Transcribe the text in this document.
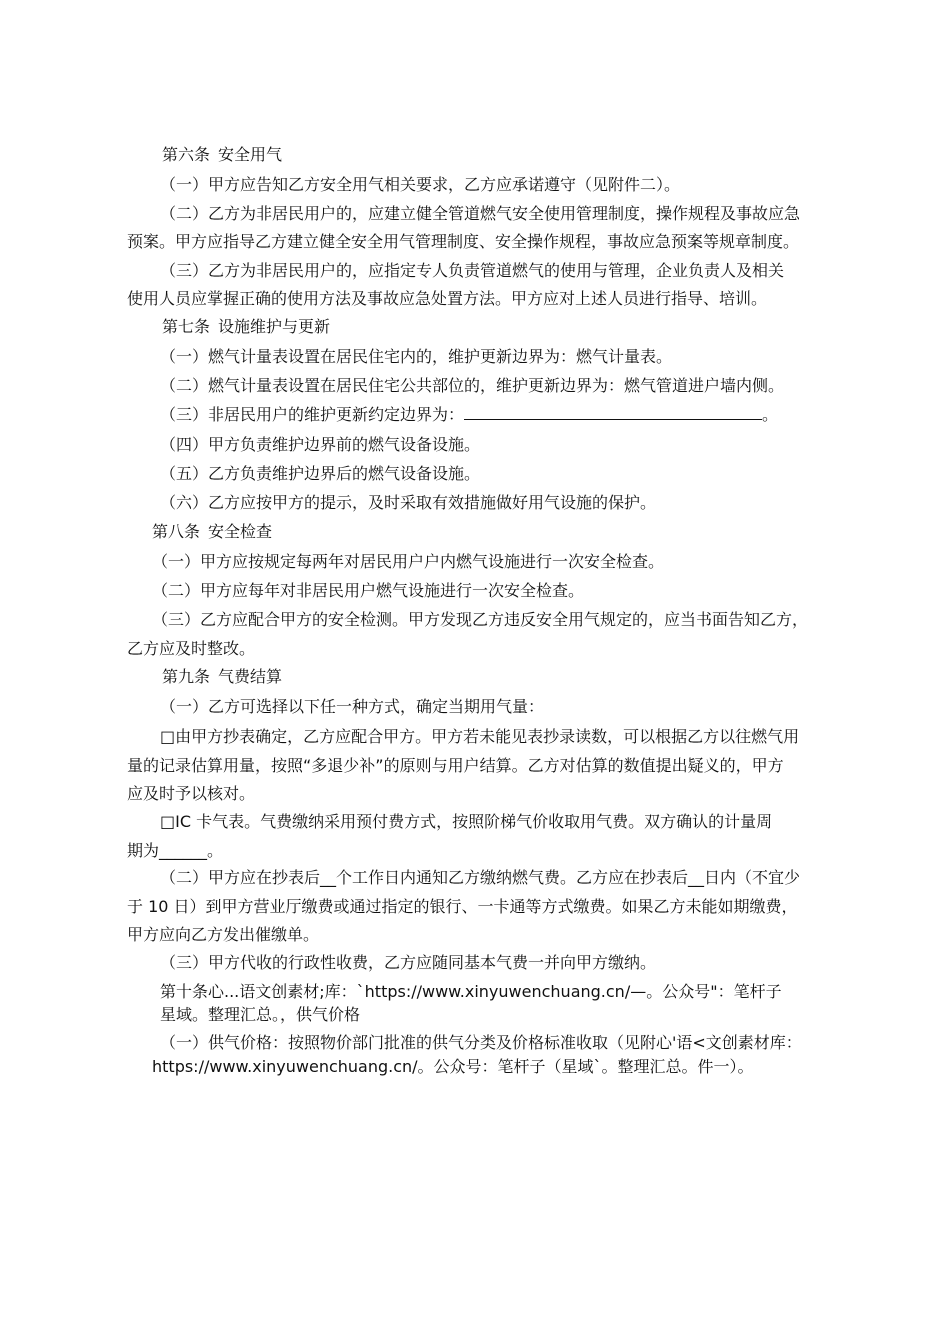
第六条 安全用气
（一）甲方应告知乙方安全用气相关要求，乙方应承诺遵守（见附件二）。
（二）乙方为非居民用户的，应建立健全管道燃气安全使用管理制度，操作规程及事故应急
预案。甲方应指导乙方建立健全安全用气管理制度、安全操作规程，事故应急预案等规章制度。
（三）乙方为非居民用户的，应指定专人负责管道燃气的使用与管理，企业负责人及相关
使用人员应掌握正确的使用方法及事故应急处置方法。甲方应对上述人员进行指导、培训。
第七条 设施维护与更新
（一）燃气计量表设置在居民住宅内的，维护更新边界为：燃气计量表。
（二）燃气计量表设置在居民住宅公共部位的，维护更新边界为：燃气管道进户墙内侧。
（三）非居民用户的维护更新约定边界为：	。
（四）甲方负责维护边界前的燃气设备设施。
（五）乙方负责维护边界后的燃气设备设施。
（六）乙方应按甲方的提示，及时采取有效措施做好用气设施的保护。
第八条 安全检查
（一）甲方应按规定每两年对居民用户户内燃气设施进行一次安全检查。
（二）甲方应每年对非居民用户燃气设施进行一次安全检查。
（三）乙方应配合甲方的安全检测。甲方发现乙方违反安全用气规定的，应当书面告知乙方，
乙方应及时整改。
第九条 气费结算
（一）乙方可选择以下任一种方式，确定当期用气量：
□由甲方抄表确定，乙方应配合甲方。甲方若未能见表抄录读数，可以根据乙方以往燃气用
量的记录估算用量，按照“多退少补”的原则与用户结算。乙方对估算的数值提出疑义的，甲方
应及时予以核对。
□IC 卡气表。气费缴纳采用预付费方式，按照阶梯气价收取用气费。双方确认的计量周
期为______。
（二）甲方应在抄表后__个工作日内通知乙方缴纳燃气费。乙方应在抄表后__日内（不宜少
于 10 日）到甲方营业厅缴费或通过指定的银行、一卡通等方式缴费。如果乙方未能如期缴费，
甲方应向乙方发出催缴单。
（三）甲方代收的行政性收费，乙方应随同基本气费一并向甲方缴纳。
第十条心...语文创素材;库：`https://www.xinyuwenchuang.cn/—。公众号"：笔杆子
星域。整理汇总。，供气价格
（一）供气价格：按照物价部门批准的供气分类及价格标准收取（见附心'语<文创素材库：
https://www.xinyuwenchuang.cn/。公众号：笔杆子（星域`。整理汇总。件一）。
